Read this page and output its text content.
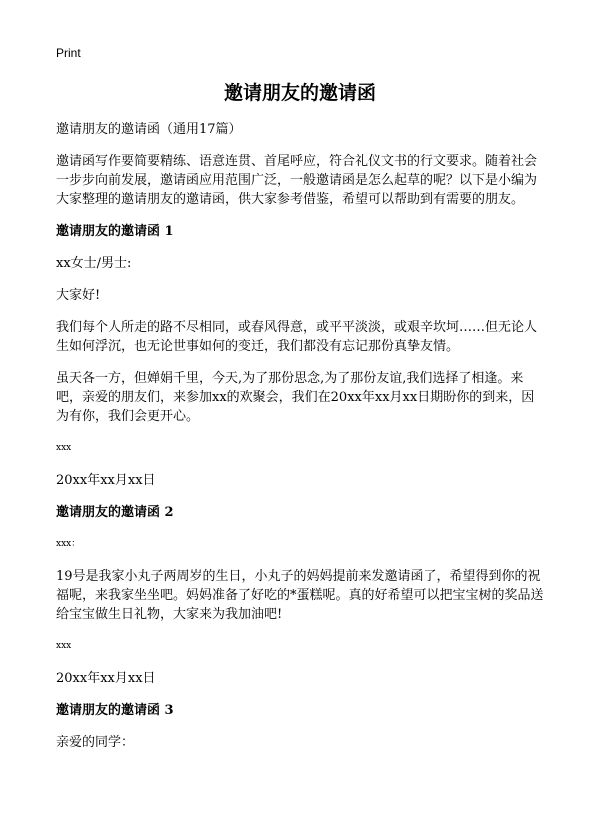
Print
邀请朋友的邀请函

邀请朋友的邀请函（通用17篇）

邀请函写作要简要精练、语意连贯、首尾呼应，符合礼仪文书的行文要求。随着社会一步步向前发展，邀请函应用范围广泛，一般邀请函是怎么起草的呢？以下是小编为大家整理的邀请朋友的邀请函，供大家参考借鉴，希望可以帮助到有需要的朋友。

邀请朋友的邀请函 1

xx女士/男士:

大家好!

我们每个人所走的路不尽相同，或春风得意，或平平淡淡，或艰辛坎坷……但无论人生如何浮沉，也无论世事如何的变迁，我们都没有忘记那份真挚友情。

虽天各一方，但婵娟千里，今天,为了那份思念,为了那份友谊,我们选择了相逢。来吧，亲爱的朋友们，来参加xx的欢聚会，我们在20xx年xx月xx日期盼你的到来，因为有你，我们会更开心。

xxx

20xx年xx月xx日

邀请朋友的邀请函 2

xxx：

19号是我家小丸子两周岁的生日，小丸子的妈妈提前来发邀请函了，希望得到你的祝福呢，来我家坐坐吧。妈妈准备了好吃的*蛋糕呢。真的好希望可以把宝宝树的奖品送给宝宝做生日礼物，大家来为我加油吧!

xxx

20xx年xx月xx日

邀请朋友的邀请函 3

亲爱的同学：
